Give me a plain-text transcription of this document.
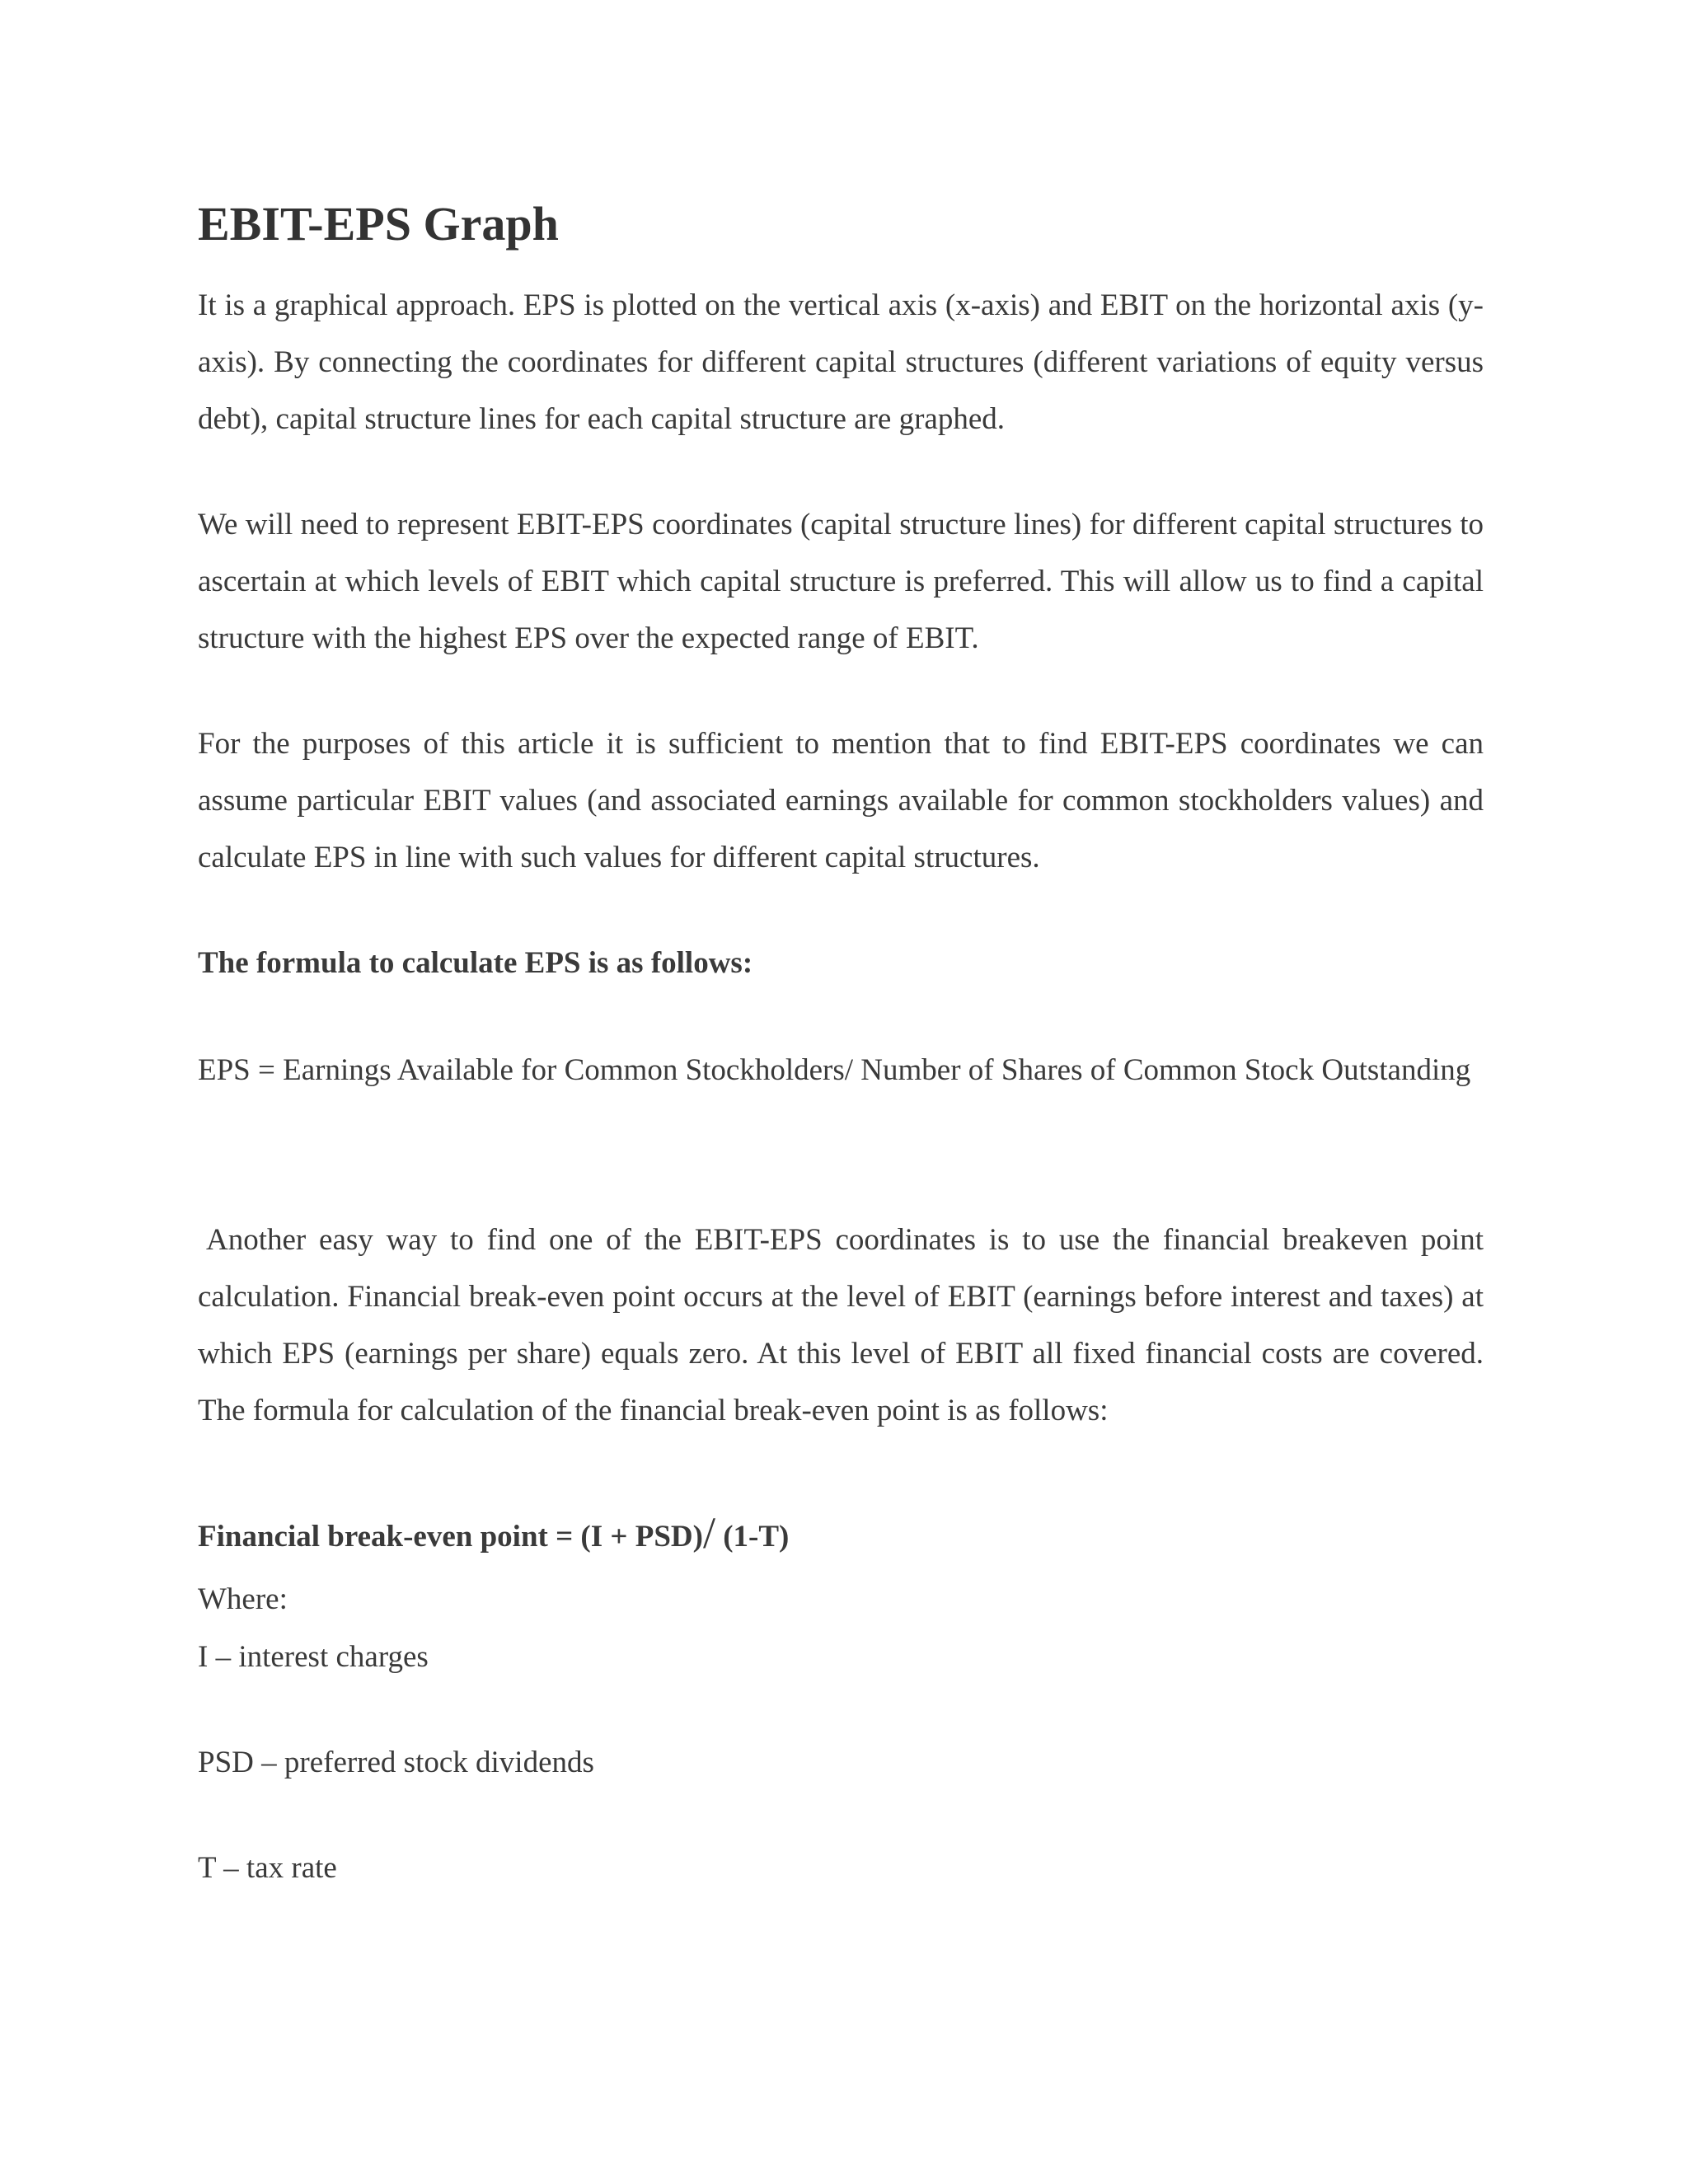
EBIT-EPS Graph

It is a graphical approach. EPS is plotted on the vertical axis (x-axis) and EBIT on the horizontal axis (y-axis). By connecting the coordinates for different capital structures (different variations of equity versus debt), capital structure lines for each capital structure are graphed.

We will need to represent EBIT-EPS coordinates (capital structure lines) for different capital structures to ascertain at which levels of EBIT which capital structure is preferred. This will allow us to find a capital structure with the highest EPS over the expected range of EBIT.

For the purposes of this article it is sufficient to mention that to find EBIT-EPS coordinates we can assume particular EBIT values (and associated earnings available for common stockholders values) and calculate EPS in line with such values for different capital structures.

The formula to calculate EPS is as follows:

EPS = Earnings Available for Common Stockholders/ Number of Shares of Common Stock Outstanding

Another easy way to find one of the EBIT-EPS coordinates is to use the financial breakeven point calculation. Financial break-even point occurs at the level of EBIT (earnings before interest and taxes) at which EPS (earnings per share) equals zero. At this level of EBIT all fixed financial costs are covered. The formula for calculation of the financial break-even point is as follows:

Financial break-even point = (I + PSD)/ (1-T)

Where:

I – interest charges

PSD – preferred stock dividends

T – tax rate
